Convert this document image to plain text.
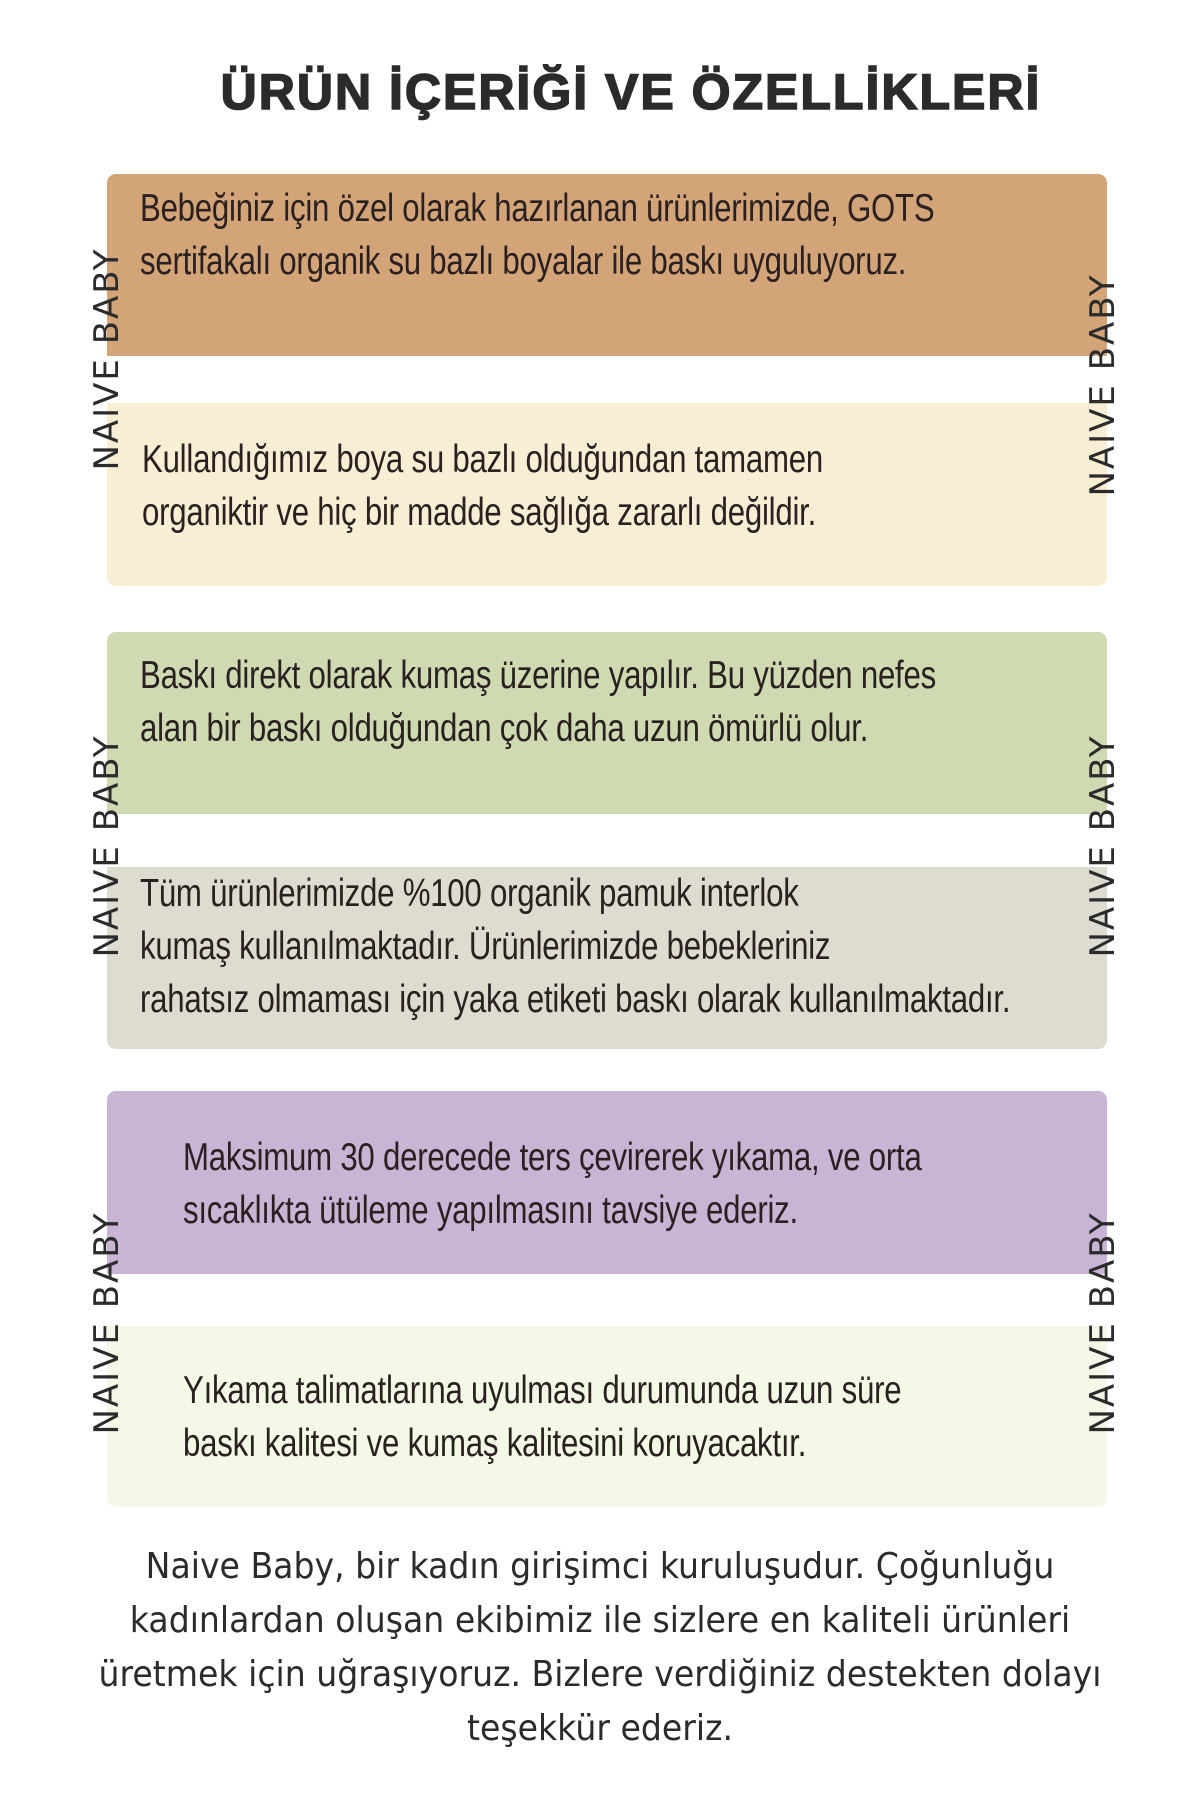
ÜRÜN İÇERİĞİ VE ÖZELLİKLERİ
Bebeğiniz için özel olarak hazırlanan ürünlerimizde, GOTS
sertifakalı organik su bazlı boyalar ile baskı uyguluyoruz.
Kullandığımız boya su bazlı olduğundan tamamen
organiktir ve hiç bir madde sağlığa zararlı değildir.
NAIVE BABY	NAIVE BABY
Baskı direkt olarak kumaş üzerine yapılır. Bu yüzden nefes
alan bir baskı olduğundan çok daha uzun ömürlü olur.
Tüm ürünlerimizde %100 organik pamuk interlok
kumaş kullanılmaktadır. Ürünlerimizde bebekleriniz
rahatsız olmaması için yaka etiketi baskı olarak kullanılmaktadır.
NAIVE BABY	NAIVE BABY
Maksimum 30 derecede ters çevirerek yıkama, ve orta
sıcaklıkta ütüleme yapılmasını tavsiye ederiz.
Yıkama talimatlarına uyulması durumunda uzun süre
baskı kalitesi ve kumaş kalitesini koruyacaktır.
NAIVE BABY	NAIVE BABY
Naive Baby, bir kadın girişimci kuruluşudur. Çoğunluğu
kadınlardan oluşan ekibimiz ile sizlere en kaliteli ürünleri
üretmek için uğraşıyoruz. Bizlere verdiğiniz destekten dolayı
teşekkür ederiz.
